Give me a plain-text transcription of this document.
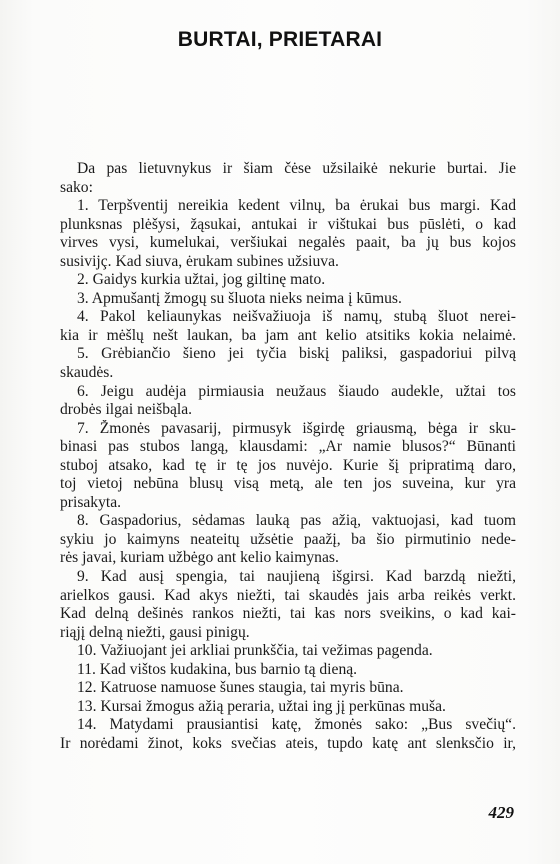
BURTAI, PRIETARAI
Da pas lietuvnykus ir šiam čėse užsilaikė nekurie burtai. Jie
sako:
1. Terpšventij nereikia kedent vilnų, ba ėrukai bus margi. Kad
plunksnas plėšysi, žąsukai, antukai ir vištukai bus pūslėti, o kad
virves vysi, kumelukai, veršiukai negalės paait, ba jų bus kojos
susivijç. Kad siuva, ėrukam subines užsiuva.
2. Gaidys kurkia užtai, jog giltinę mato.
3. Apmušantį žmogų su šluota nieks neima į kūmus.
4. Pakol keliaunykas neišvažiuoja iš namų, stubą šluot nerei-
kia ir mėšlų nešt laukan, ba jam ant kelio atsitiks kokia nelaimė.
5. Grėbiančio šieno jei tyčia biskį paliksi, gaspadoriui pilvą
skaudės.
6. Jeigu audėja pirmiausia neužaus šiaudo audekle, užtai tos
drobės ilgai neišbąla.
7. Žmonės pavasarij, pirmusyk išgirdę griausmą, bėga ir sku-
binasi pas stubos langą, klausdami: „Ar namie blusos?“ Būnanti
stuboj atsako, kad tę ir tę jos nuvėjo. Kurie šį pripratimą daro,
toj vietoj nebūna blusų visą metą, ale ten jos suveina, kur yra
prisakyta.
8. Gaspadorius, sėdamas lauką pas ažią, vaktuojasi, kad tuom
sykiu jo kaimyns neateitų užsėtie paažį, ba šio pirmutinio nede-
rės javai, kuriam užbėgo ant kelio kaimynas.
9. Kad ausį spengia, tai naujieną išgirsi. Kad barzdą niežti,
arielkos gausi. Kad akys niežti, tai skaudės jais arba reikės verkt.
Kad delną dešinės rankos niežti, tai kas nors sveikins, o kad kai-
riąjį delną niežti, gausi pinigų.
10. Važiuojant jei arkliai prunkščia, tai vežimas pagenda.
11. Kad vištos kudakina, bus barnio tą dieną.
12. Katruose namuose šunes staugia, tai myris būna.
13. Kursai žmogus ažią peraria, užtai ing jį perkūnas muša.
14. Matydami prausiantisi katę, žmonės sako: „Bus svečių“.
Ir norėdami žinot, koks svečias ateis, tupdo katę ant slenksčio ir,
429
